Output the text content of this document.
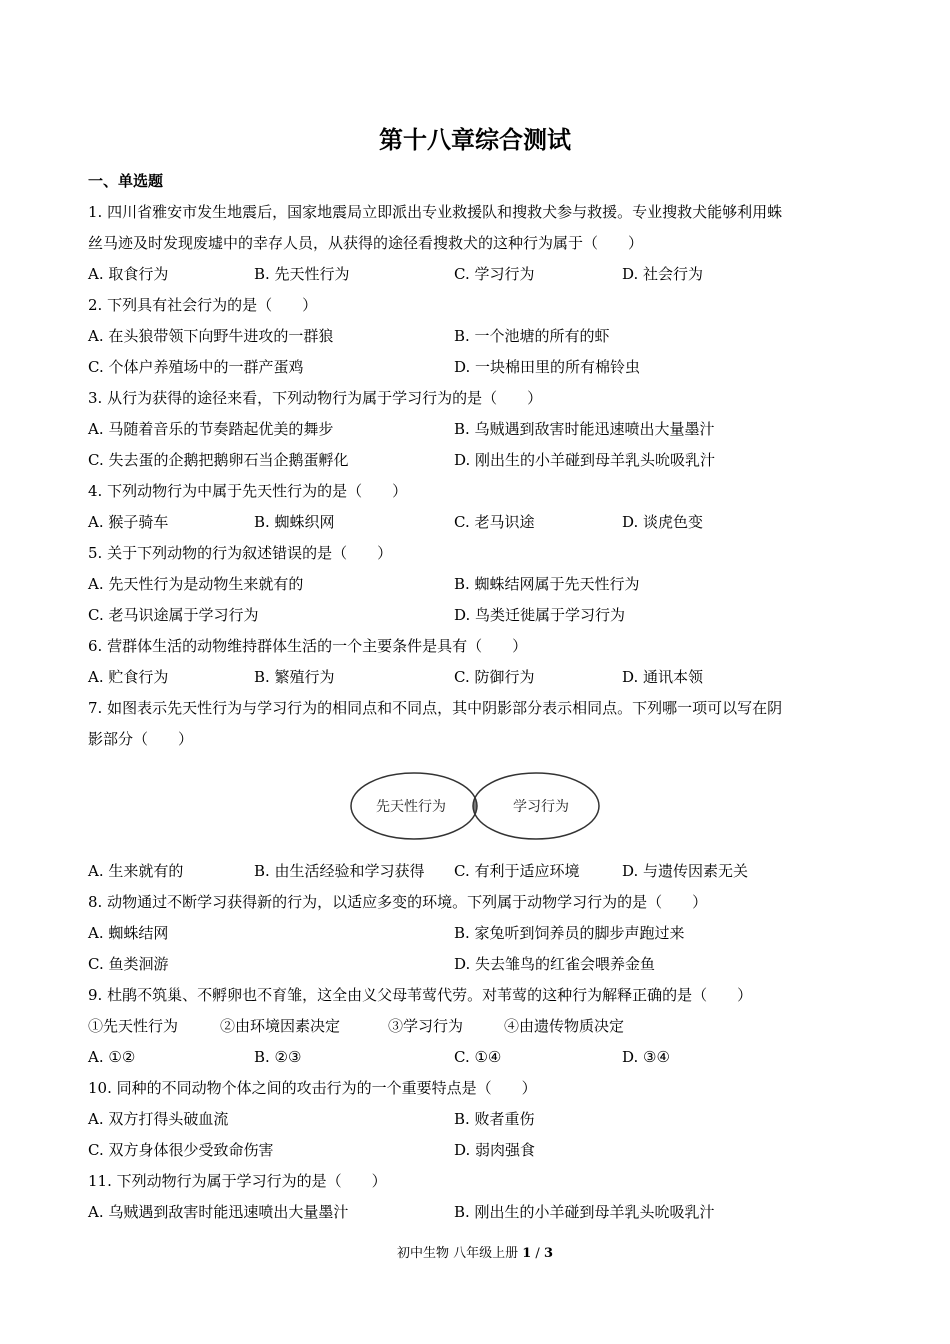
第十八章综合测试
一、单选题
1. 四川省雅安市发生地震后，国家地震局立即派出专业救援队和搜救犬参与救援。专业搜救犬能够利用蛛
丝马迹及时发现废墟中的幸存人员，从获得的途径看搜救犬的这种行为属于（　　）
A. 取食行为	B. 先天性行为	C. 学习行为	D. 社会行为
2. 下列具有社会行为的是（　　）
A. 在头狼带领下向野牛进攻的一群狼	B. 一个池塘的所有的虾
C. 个体户养殖场中的一群产蛋鸡	D. 一块棉田里的所有棉铃虫
3. 从行为获得的途径来看，下列动物行为属于学习行为的是（　　）
A. 马随着音乐的节奏踏起优美的舞步	B. 乌贼遇到敌害时能迅速喷出大量墨汁
C. 失去蛋的企鹅把鹅卵石当企鹅蛋孵化	D. 刚出生的小羊碰到母羊乳头吮吸乳汁
4. 下列动物行为中属于先天性行为的是（　　）
A. 猴子骑车	B. 蜘蛛织网	C. 老马识途	D. 谈虎色变
5. 关于下列动物的行为叙述错误的是（　　）
A. 先天性行为是动物生来就有的	B. 蜘蛛结网属于先天性行为
C. 老马识途属于学习行为	D. 鸟类迁徙属于学习行为
6. 营群体生活的动物维持群体生活的一个主要条件是具有（　　）
A. 贮食行为	B. 繁殖行为	C. 防御行为	D. 通讯本领
7. 如图表示先天性行为与学习行为的相同点和不同点，其中阴影部分表示相同点。下列哪一项可以写在阴
影部分（　　）
先天性行为	学习行为
A. 生来就有的	B. 由生活经验和学习获得 C. 有利于适应环境	D. 与遗传因素无关
8. 动物通过不断学习获得新的行为，以适应多变的环境。下列属于动物学习行为的是（　　）
A. 蜘蛛结网	B. 家兔听到饲养员的脚步声跑过来
C. 鱼类洄游	D. 失去雏鸟的红雀会喂养金鱼
9. 杜鹃不筑巢、不孵卵也不育雏，这全由义父母苇莺代劳。对苇莺的这种行为解释正确的是（　　）
①先天性行为	②由环境因素决定	③学习行为	④由遗传物质决定
A. ①②	B. ②③	C. ①④	D. ③④
10. 同种的不同动物个体之间的攻击行为的一个重要特点是（　　）
A. 双方打得头破血流	B. 败者重伤
C. 双方身体很少受致命伤害	D. 弱肉强食
11. 下列动物行为属于学习行为的是（　　）
A. 乌贼遇到敌害时能迅速喷出大量墨汁	B. 刚出生的小羊碰到母羊乳头吮吸乳汁
初中生物 八年级上册 1 / 3
